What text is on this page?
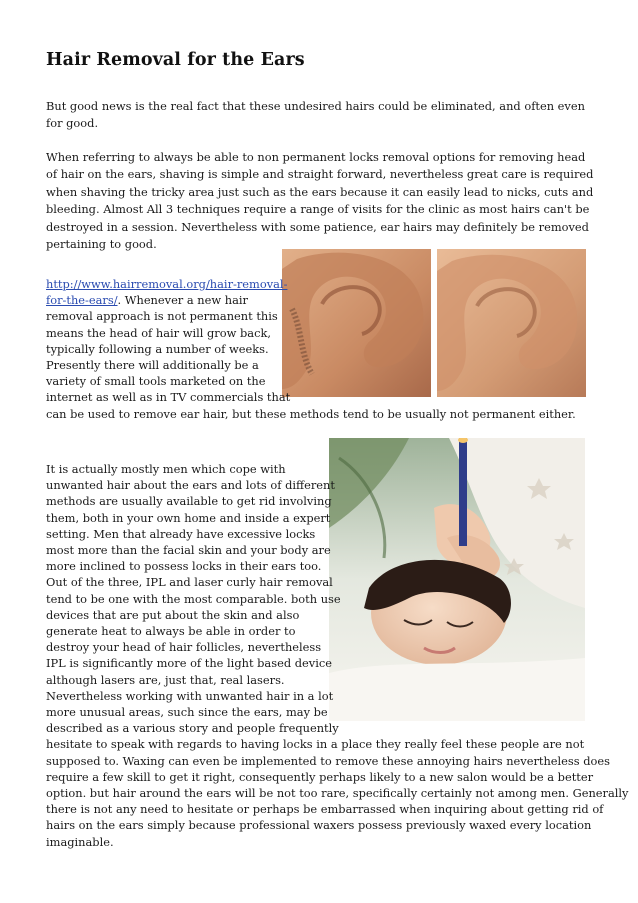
Hair Removal for the Ears

But good news is the real fact that these undesired hairs could be eliminated, and often even for good.

When referring to always be able to non permanent locks removal options for removing head of hair on the ears, shaving is simple and straight forward, nevertheless great care is required when shaving the tricky area just such as the ears because it can easily lead to nicks, cuts and bleeding. Almost All 3 techniques require a range of visits for the clinic as most hairs can't be destroyed in a session. Nevertheless with some patience, ear hairs may definitely be removed pertaining to good.

http://www.hairremoval.org/hair-removal-
for-the-ears/. Whenever a new hair
removal approach is not permanent this
means the head of hair will grow back,
typically following a number of weeks.
Presently there will additionally be a
variety of small tools marketed on the
internet as well as in TV commercials that
can be used to remove ear hair, but these methods tend to be usually not permanent either.
It is actually mostly men which cope with
unwanted hair about the ears and lots of different
methods are usually available to get rid involving
them, both in your own home and inside a expert
setting. Men that already have excessive locks
most more than the facial skin and your body are
more inclined to possess locks in their ears too.
Out of the three, IPL and laser curly hair removal
tend to be one with the most comparable. both use
devices that are put about the skin and also
generate heat to always be able in order to
destroy your head of hair follicles, nevertheless
IPL is significantly more of the light based device
although lasers are, just that, real lasers.
Nevertheless working with unwanted hair in a lot
more unusual areas, such since the ears, may be
described as a various story and people frequently
hesitate to speak with regards to having locks in a place they really feel these people are not
supposed to. Waxing can even be implemented to remove these annoying hairs nevertheless does
require a few skill to get it right, consequently perhaps likely to a new salon would be a better
option. but hair around the ears will be not too rare, specifically certainly not among men. Generally
there is not any need to hesitate or perhaps be embarrassed when inquiring about getting rid of
hairs on the ears simply because professional waxers possess previously waxed every location
imaginable.
